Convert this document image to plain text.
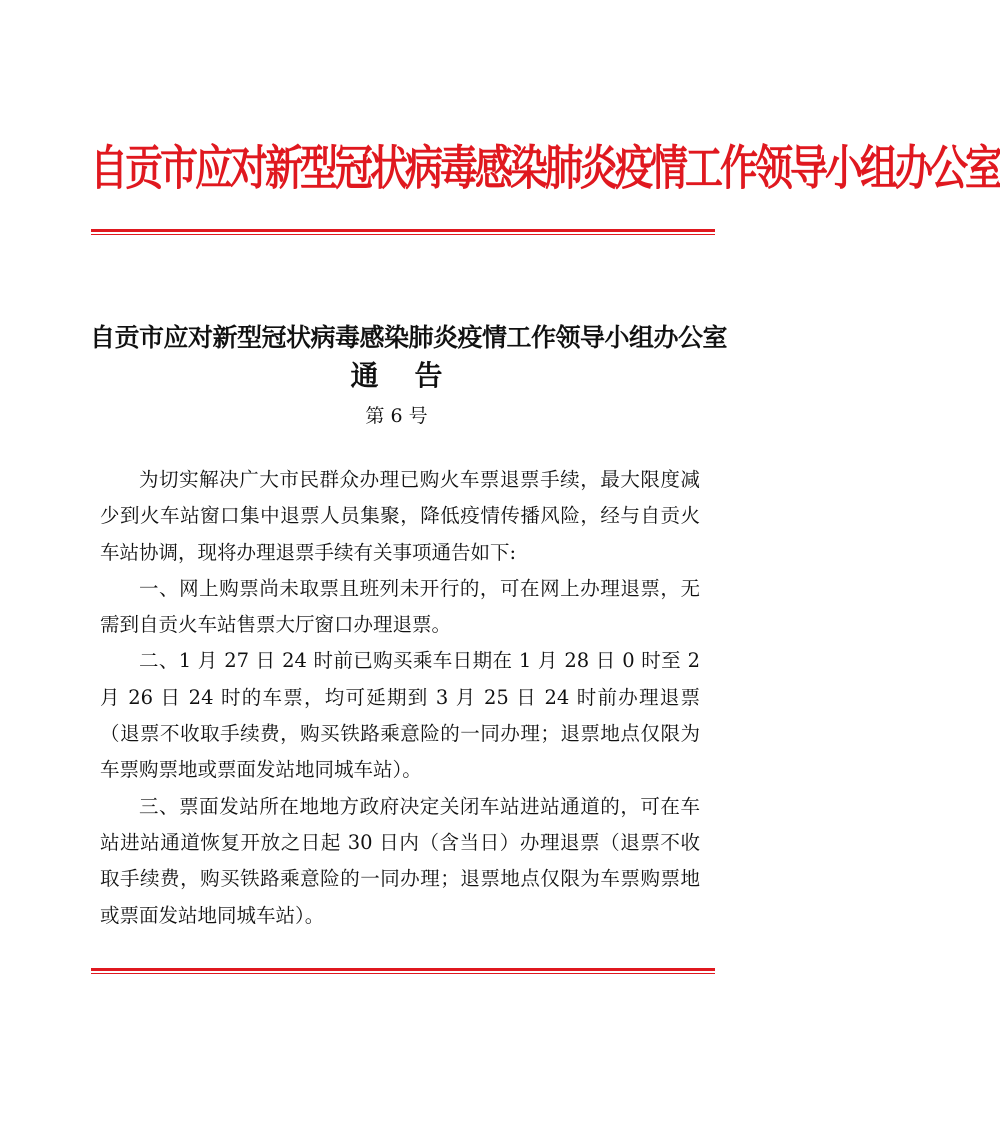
自贡市应对新型冠状病毒感染肺炎疫情工作领导小组办公室
自贡市应对新型冠状病毒感染肺炎疫情工作领导小组办公室
通告
第 6 号

为切实解决广大市民群众办理已购火车票退票手续，最大限度减少到火车站窗口集中退票人员集聚，降低疫情传播风险，经与自贡火车站协调，现将办理退票手续有关事项通告如下:

一、网上购票尚未取票且班列未开行的，可在网上办理退票，无需到自贡火车站售票大厅窗口办理退票。

二、1 月 27 日 24 时前已购买乘车日期在 1 月 28 日 0 时至 2 月 26 日 24 时的车票，均可延期到 3 月 25 日 24 时前办理退票（退票不收取手续费，购买铁路乘意险的一同办理；退票地点仅限为车票购票地或票面发站地同城车站）。

三、票面发站所在地地方政府决定关闭车站进站通道的，可在车站进站通道恢复开放之日起 30 日内（含当日）办理退票（退票不收取手续费，购买铁路乘意险的一同办理；退票地点仅限为车票购票地或票面发站地同城车站）。
